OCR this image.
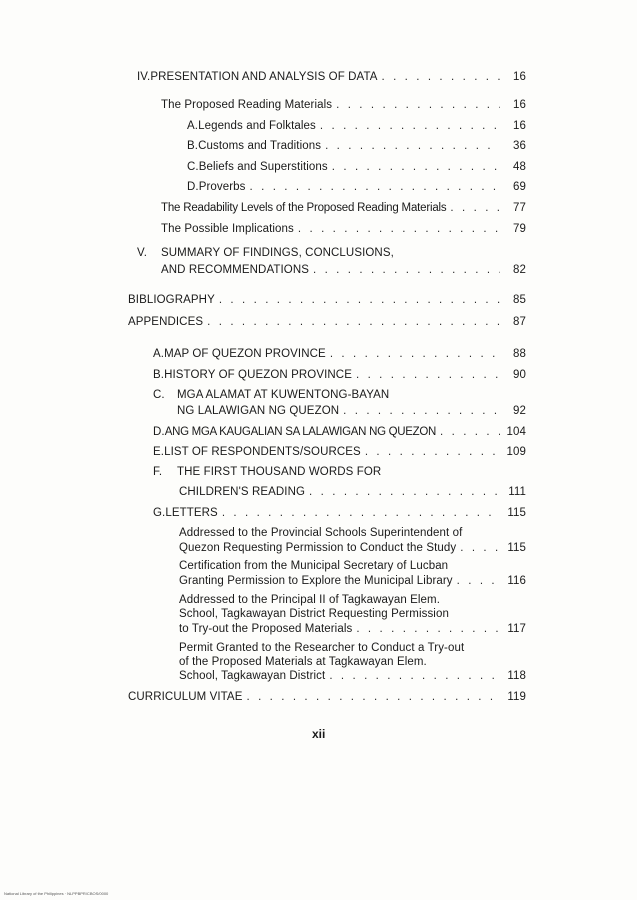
IV. PRESENTATION AND ANALYSIS OF DATA . . .	16
The Proposed Reading Materials . . .	16
A. Legends and Folktales . . .	16
B. Customs and Traditions . . .	36
C. Beliefs and Superstitions . . .	48
D. Proverbs . . .	69
The Readability Levels of the Proposed Reading Materials . . .	77
The Possible Implications . . .	79
V. SUMMARY OF FINDINGS, CONCLUSIONS,
AND RECOMMENDATIONS . . .	82
BIBLIOGRAPHY . . .	85
APPENDICES . . .	87
A. MAP OF QUEZON PROVINCE . . .	88
B. HISTORY OF QUEZON PROVINCE . . .	90
C. MGA ALAMAT AT KUWENTONG-BAYAN
NG LALAWIGAN NG QUEZON . . .	92
D. ANG MGA KAUGALIAN SA LALAWIGAN NG QUEZON . . .	104
E. LIST OF RESPONDENTS/SOURCES . . .	109
F. THE FIRST THOUSAND WORDS FOR
CHILDREN'S READING . . .	111
G. LETTERS . . .	115
Addressed to the Provincial Schools Superintendent of
Quezon Requesting Permission to Conduct the Study . . .	115
Certification from the Municipal Secretary of Lucban
Granting Permission to Explore the Municipal Library . . .	116
Addressed to the Principal II of Tagkawayan Elem.
School, Tagkawayan District Requesting Permission
to Try-out the Proposed Materials . . .	117
Permit Granted to the Researcher to Conduct a Try-out
of the Proposed Materials at Tagkawayan Elem.
School, Tagkawayan District . . .	118
CURRICULUM VITAE . . .	119
xii
National Library of the Philippines · NLPPBPR/CBOS/0000
